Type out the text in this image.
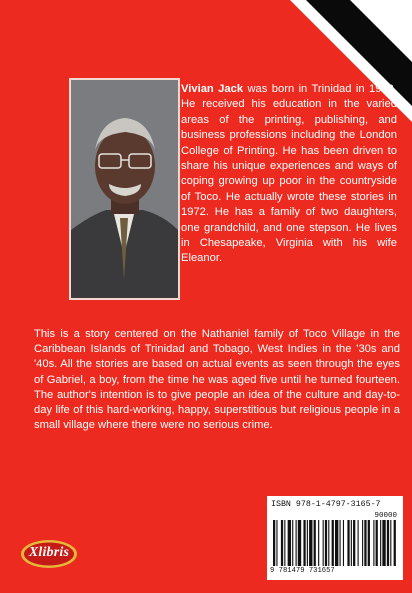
Vivian Jack was born in Trinidad in 1929. He received his education in the varied areas of the printing, publishing, and business professions including the London College of Printing. He has been driven to share his unique experiences and ways of coping growing up poor in the countryside of Toco. He actually wrote these stories in 1972. He has a family of two daughters, one grandchild, and one stepson. He lives in Chesapeake, Virginia with his wife Eleanor.

This is a story centered on the Nathaniel family of Toco Village in the Caribbean Islands of Trinidad and Tobago, West Indies in the '30s and '40s. All the stories are based on actual events as seen through the eyes of Gabriel, a boy, from the time he was aged five until he turned fourteen. The author's intention is to give people an idea of the culture and day-to-day life of this hard-working, happy, superstitious but religious people in a small village where there were no serious crime.

ISBN 978-1-4797-3165-7
90000
9 781479 731657
Xlibris
